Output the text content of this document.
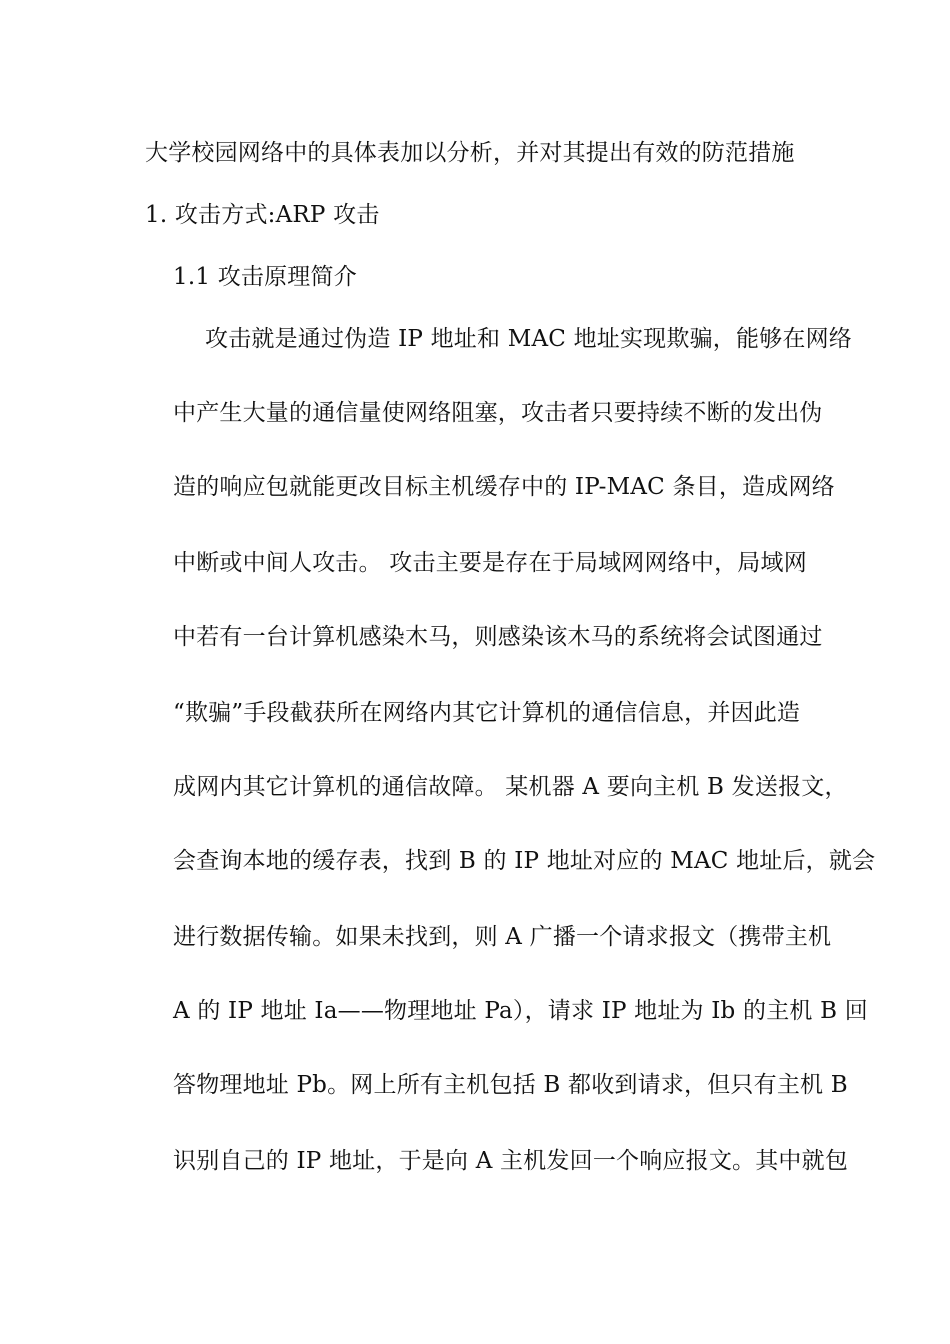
大学校园网络中的具体表加以分析，并对其提出有效的防范措施
1. 攻击方式:ARP 攻击
1.1 攻击原理简介
攻击就是通过伪造 IP 地址和 MAC 地址实现欺骗，能够在网络
中产生大量的通信量使网络阻塞，攻击者只要持续不断的发出伪
造的响应包就能更改目标主机缓存中的 IP-MAC 条目，造成网络
中断或中间人攻击。 攻击主要是存在于局域网网络中，局域网
中若有一台计算机感染木马，则感染该木马的系统将会试图通过
“欺骗”手段截获所在网络内其它计算机的通信信息，并因此造
成网内其它计算机的通信故障。 某机器 A 要向主机 B 发送报文，
会查询本地的缓存表，找到 B 的 IP 地址对应的 MAC 地址后，就会
进行数据传输。如果未找到，则 A 广播一个请求报文（携带主机
A 的 IP 地址 Ia——物理地址 Pa），请求 IP 地址为 Ib 的主机 B 回
答物理地址 Pb。网上所有主机包括 B 都收到请求，但只有主机 B
识别自己的 IP 地址，于是向 A 主机发回一个响应报文。其中就包
